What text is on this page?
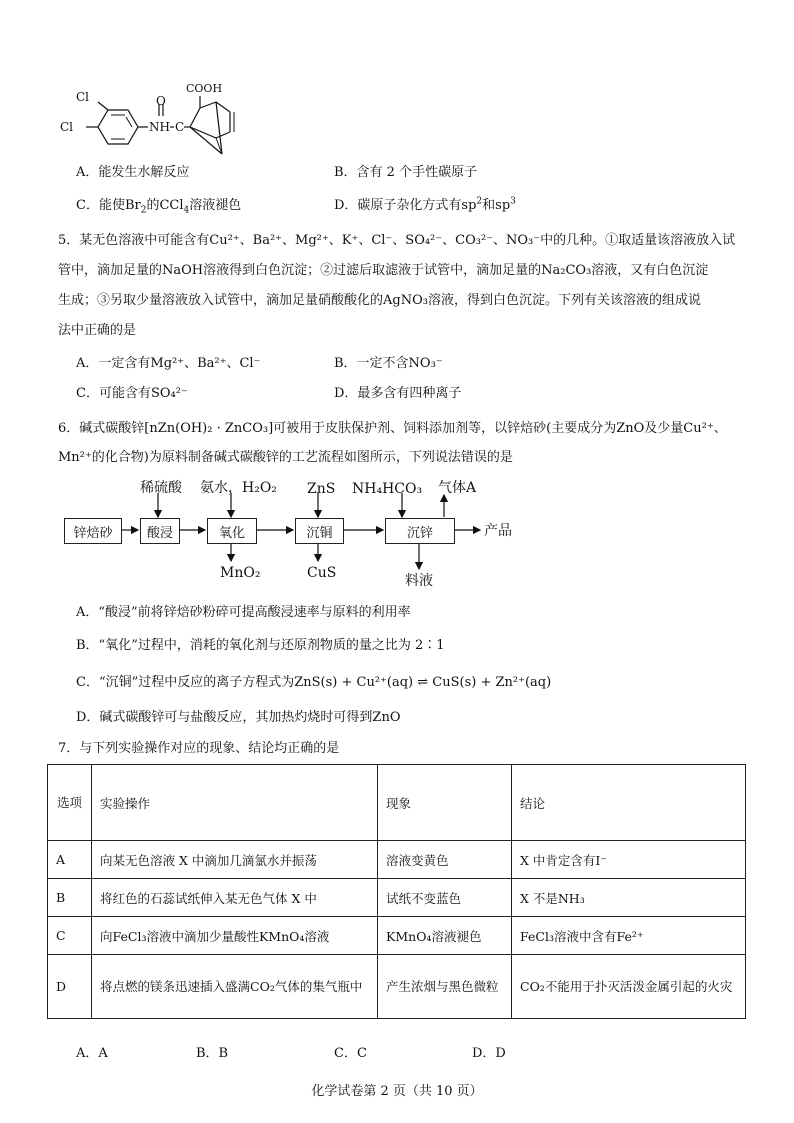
Cl
Cl	NH C
O
COOH
A．能发生水解反应	B．含有 2 个手性碳原子
C．能使$Br_2$的CCl$_4$溶液褪色	D．碳原子杂化方式有$sp^2$和$sp^3$
5．某无色溶液中可能含有Cu²⁺、Ba²⁺、Mg²⁺、K⁺、Cl⁻、SO₄²⁻、CO₃²⁻、NO₃⁻中的几种。①取适量该溶液放入试
管中，滴加足量的NaOH溶液得到白色沉淀；②过滤后取滤液于试管中，滴加足量的Na₂CO₃溶液，又有白色沉淀
生成；③另取少量溶液放入试管中，滴加足量硝酸酸化的AgNO₃溶液，得到白色沉淀。下列有关该溶液的组成说
法中正确的是
A．一定含有Mg²⁺、Ba²⁺、Cl⁻	B．一定不含NO₃⁻
C．可能含有SO₄²⁻	D．最多含有四种离子
6．碱式碳酸锌[nZn(OH)₂ · ZnCO₃]可被用于皮肤保护剂、饲料添加剂等，以锌焙砂(主要成分为ZnO及少量Cu²⁺、
Mn²⁺的化合物)为原料制备碱式碳酸锌的工艺流程如图所示，下列说法错误的是
锌焙砂	酸浸	氧化	沉铜	沉锌	产品
稀硫酸 氨水，H₂O₂ ZnS NH₄HCO₃ 气体A
MnO₂	CuS	料液
A．“酸浸”前将锌焙砂粉碎可提高酸浸速率与原料的利用率
B．“氧化”过程中，消耗的氧化剂与还原剂物质的量之比为 2∶1
C．“沉铜”过程中反应的离子方程式为ZnS(s) + Cu²⁺(aq) ⇌ CuS(s) + Zn²⁺(aq)
D．碱式碳酸锌可与盐酸反应，其加热灼烧时可得到ZnO
7．与下列实验操作对应的现象、结论均正确的是
选项	实验操作	现象	结论
A	向某无色溶液 X 中滴加几滴氯水并振荡	溶液变黄色	X 中肯定含有I⁻
B	将红色的石蕊试纸伸入某无色气体 X 中	试纸不变蓝色	X 不是NH₃
C	向FeCl₃溶液中滴加少量酸性KMnO₄溶液	KMnO₄溶液褪色	FeCl₃溶液中含有Fe²⁺
D	将点燃的镁条迅速插入盛满CO₂气体的集气瓶中	产生浓烟与黑色微粒	CO₂不能用于扑灭活泼金属引起的火灾
A．A	B．B	C．C	D．D
化学试卷第 2 页（共 10 页）
